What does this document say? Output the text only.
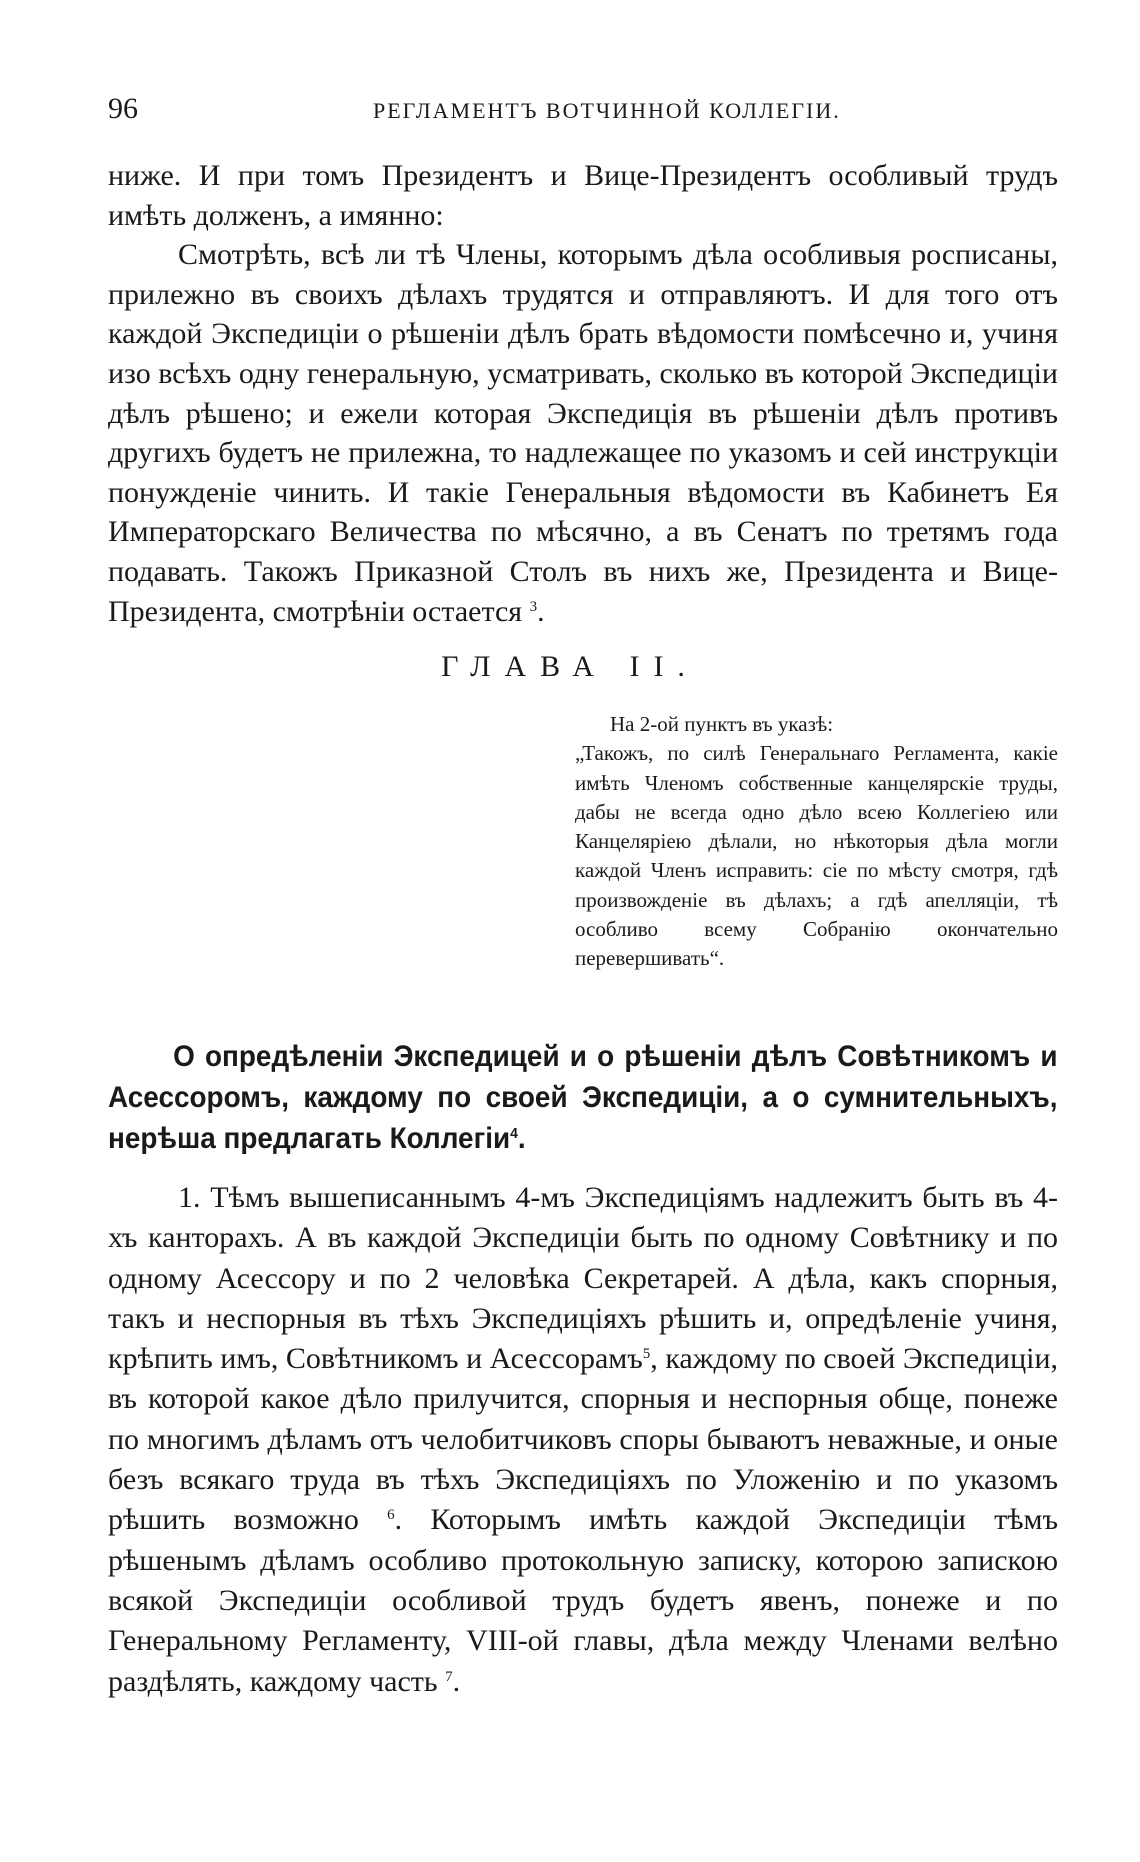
96	РЕГЛАМЕНТЪ ВОТЧИННОЙ КОЛЛЕГІИ.

ниже. И при томъ Президентъ и Вице-Президентъ особливый трудъ имѣть долженъ, а имянно:

Смотрѣть, всѣ ли тѣ Члены, которымъ дѣла особливыя росписаны, прилежно въ своихъ дѣлахъ трудятся и отправляютъ. И для того отъ каждой Экспедиціи о рѣшеніи дѣлъ брать вѣдомости помѣсечно и, учиня изо всѣхъ одну генеральную, усматривать, сколько въ которой Экспедиціи дѣлъ рѣшено; и ежели которая Экспедиція въ рѣшеніи дѣлъ противъ другихъ будетъ не прилежна, то надлежащее по указомъ и сей инструкціи понужденіе чинить. И такіе Генеральныя вѣдомости въ Кабинетъ Ея Императорскаго Величества по мѣсячно, а въ Сенатъ по третямъ года подавать. Такожъ Приказной Столъ въ нихъ же, Президента и Вице-Президента, смотрѣніи остается $^3$.

ГЛАВА II.

На 2-ой пунктъ въ указѣ:

„Такожъ, по силѣ Генеральнаго Регламента, какіе имѣть Членомъ собственные канцелярскіе труды, дабы не всегда одно дѣло всею Коллегіею или Канцеляріею дѣлали, но нѣкоторыя дѣла могли каждой Членъ исправить: сіе по мѣсту смотря, гдѣ произвожденіе въ дѣлахъ; а гдѣ апелляціи, тѣ особливо всему Собранію окончательно перевершивать“.

О опредѣленіи Экспедицей и о рѣшеніи дѣлъ Совѣтникомъ и Асессоромъ, каждому по своей Экспедиціи, а о сумнительныхъ, нерѣша предлагать Коллегіи$^4$.

1. Тѣмъ вышеписаннымъ 4-мъ Экспедиціямъ надлежитъ быть въ 4-хъ канторахъ. А въ каждой Экспедиціи быть по одному Совѣтнику и по одному Асессору и по 2 человѣка Секретарей. А дѣла, какъ спорныя, такъ и неспорныя въ тѣхъ Экспедиціяхъ рѣшить и, опредѣленіе учиня, крѣпить имъ, Совѣтникомъ и Асессорамъ$^5$, каждому по своей Экспедиціи, въ которой какое дѣло прилучится, спорныя и неспорныя обще, понеже по многимъ дѣламъ отъ челобитчиковъ споры бываютъ неважные, и оные безъ всякаго труда въ тѣхъ Экспедиціяхъ по Уложенію и по указомъ рѣшить возможно $^6$. Которымъ имѣть каждой Экспедиціи тѣмъ рѣшенымъ дѣламъ особливо протокольную записку, которою запискою всякой Экспедиціи особливой трудъ будетъ явенъ, понеже и по Генеральному Регламенту, VIII-ой главы, дѣла между Членами велѣно раздѣлять, каждому часть $^7$.
